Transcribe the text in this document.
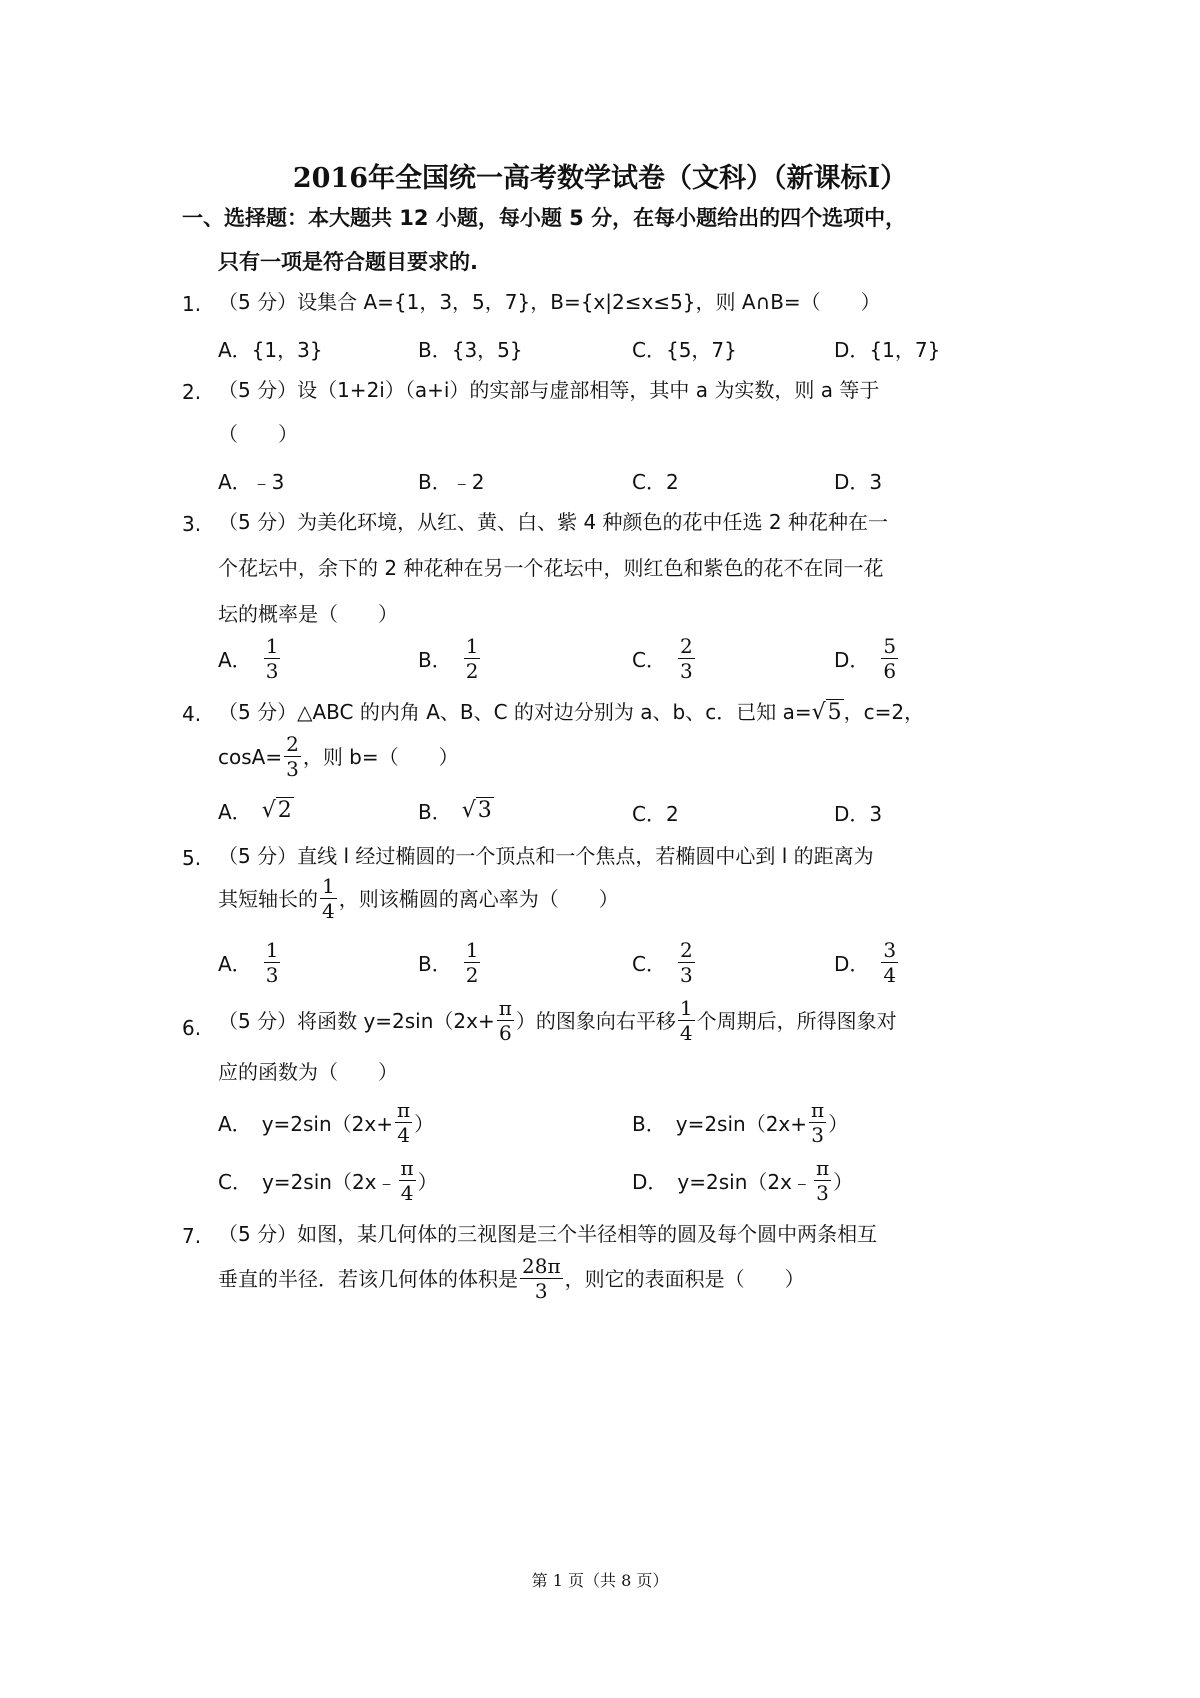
2016年全国统一高考数学试卷（文科）（新课标Ⅰ）
一、选择题：本大题共 12 小题，每小题 5 分，在每小题给出的四个选项中，
只有一项是符合题目要求的.
1. （5 分）设集合 A={1，3，5，7}，B={x|2≤x≤5}，则 A∩B=（　　）
A．{1，3}	B．{3，5}	C．{5，7}	D．{1，7}
2. （5 分）设（1+2i）（a+i）的实部与虚部相等，其中 a 为实数，则 a 等于
（　　）
A．﹣3	B．﹣2	C．2	D．3
3. （5 分）为美化环境，从红、黄、白、紫 4 种颜色的花中任选 2 种花种在一
个花坛中，余下的 2 种花种在另一个花坛中，则红色和紫色的花不在同一花
坛的概率是（　　）
A． $\frac{1}{3}$	B． $\frac{1}{2}$	C． $\frac{2}{3}$	D． $\frac{5}{6}$
4. （5 分）△ABC 的内角 A、B、C 的对边分别为 a、b、c．已知 a=√5 ，c=2，
$\cos A= \frac{2}{3}$ ，则 b=（　　）
A． √2	B． √3	C．2	D．3
5. （5 分）直线 l 经过椭圆的一个顶点和一个焦点，若椭圆中心到 l 的距离为
其短轴长的 $\frac{1}{4}$ ，则该椭圆的离心率为（　　）
A． $\frac{1}{3}$	B． $\frac{1}{2}$	C． $\frac{2}{3}$	D． $\frac{3}{4}$
6. （5 分）将函数 $y=2\sin(2x+ \frac{\pi}{6}$ ）的图象向右平移 $\frac{1}{4}$ 个周期后，所得图象对
应的函数为（　　）
A． $y=2\sin(2x+ \frac{\pi}{4}$ ）	B． $y=2\sin(2x+ \frac{\pi}{3}$ ）
C． y=2sin（2x﹣ $\frac{\pi}{4}$ ）	D． y=2sin（2x﹣ $\frac{\pi}{3}$ ）
7. （5 分）如图，某几何体的三视图是三个半径相等的圆及每个圆中两条相互
垂直的半径．若该几何体的体积是 $\frac{28\pi}{3}$ ，则它的表面积是（　　）
第 1 页（共 8 页）
